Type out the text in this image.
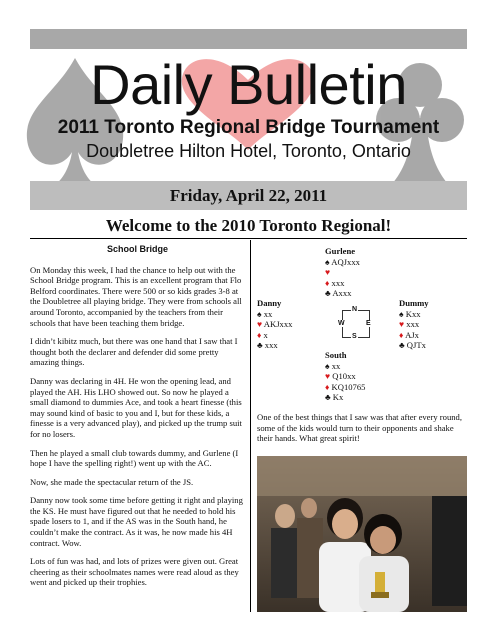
Daily Bulletin
2011 Toronto Regional Bridge Tournament
Doubletree Hilton Hotel, Toronto, Ontario
Friday, April 22, 2011
Welcome to the 2010 Toronto Regional!
School Bridge

On Monday this week, I had the chance to help out with the School Bridge program. This is an excellent program that Flo Belford coordinates. There were 500 or so kids grades 3-8 at the Doubletree all playing bridge. They were from schools all around Toronto, accompanied by the teachers from their schools that have been teaching them bridge.

I didn’t kibitz much, but there was one hand that I saw that I thought both the declarer and defender did some pretty amazing things.

Danny was declaring in 4H. He won the opening lead, and played the AH. His LHO showed out. So now he played a small diamond to dummies Ace, and took a heart finesse (this may sound kind of basic to you and I, but for these kids, a finesse is a very advanced play), and picked up the trump suit for no losers.

Then he played a small club towards dummy, and Gurlene (I hope I have the spelling right!) went up with the AC.

Now, she made the spectacular return of the JS.

Danny now took some time before getting it right and playing the KS. He must have figured out that he needed to hold his spade losers to 1, and if the AS was in the South hand, he couldn’t make the contract. As it was, he now made his 4H contract. Wow.

Lots of fun was had, and lots of prizes were given out. Great cheering as their schoolmates names were read aloud as they went and picked up their trophies.

Gurlene
♠ AQJxxx
♥
♦ xxx
♣ Axxx
Danny
♠ xx
♥ AKJxxx
♦ x
♣ xxx
Dummy
♠ Kxx
♥ xxx
♦ AJx
♣ QJTx
N
S
W	E
South
♠ xx
♥ Q10xx
♦ KQ10765
♣ Kx
One of the best things that I saw was that after every round, some of the kids would turn to their opponents and shake their hands. What great spirit!
